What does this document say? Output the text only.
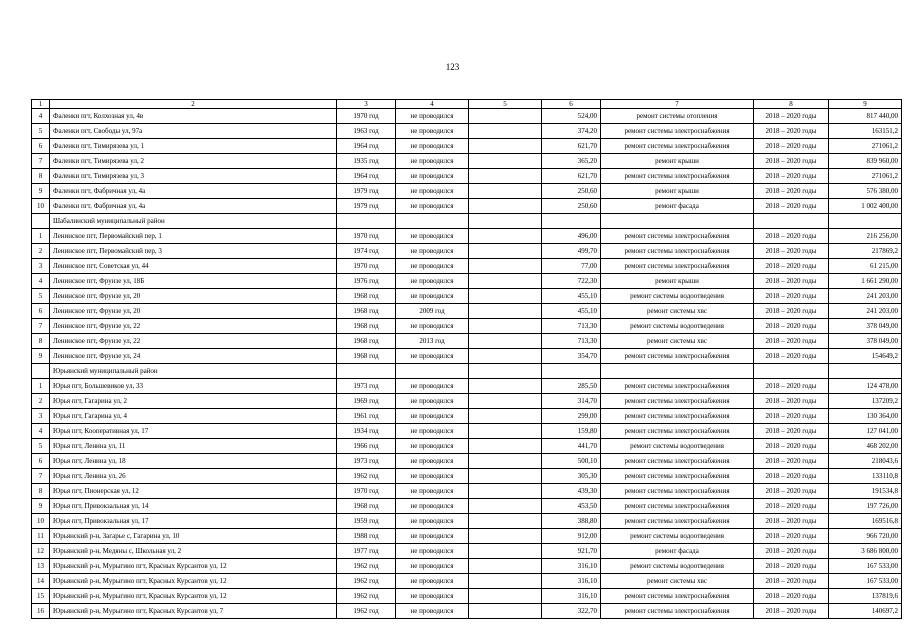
123
1	2	3	4	5	6	7	8	9
4	Фаленки пгт, Колхозная ул, 4в	1970 год	не проводился		524,00	ремонт системы отопления	2018 – 2020 годы	817 440,00
5	Фаленки пгт, Свободы ул, 97а	1963 год	не проводился		374,20	ремонт системы электроснабжения	2018 – 2020 годы	163151,2
6	Фаленки пгт, Тимирязева ул, 1	1964 год	не проводился		621,70	ремонт системы электроснабжения	2018 – 2020 годы	271061,2
7	Фаленки пгт, Тимирязева ул, 2	1935 год	не проводился		365,20	ремонт крыши	2018 – 2020 годы	839 960,00
8	Фаленки пгт, Тимирязева ул, 3	1964 год	не проводился		621,70	ремонт системы электроснабжения	2018 – 2020 годы	271061,2
9	Фаленки пгт, Фабричная ул, 4а	1979 год	не проводился		250,60	ремонт крыши	2018 – 2020 годы	576 380,00
10	Фаленки пгт, Фабричная ул, 4а	1979 год	не проводился		250,60	ремонт фасада	2018 – 2020 годы	1 002 400,00
	Шабалинский муниципальный район							
1	Ленинское пгт, Первомайский пер, 1	1970 год	не проводился		496,00	ремонт системы электроснабжения	2018 – 2020 годы	216 256,00
2	Ленинское пгт, Первомайский пер, 3	1974 год	не проводился		499,70	ремонт системы электроснабжения	2018 – 2020 годы	217869,2
3	Ленинское пгт, Советская ул, 44	1970 год	не проводился		77,00	ремонт системы электроснабжения	2018 – 2020 годы	61 215,00
4	Ленинское пгт, Фрунзе ул, 18Б	1976 год	не проводился		722,30	ремонт крыши	2018 – 2020 годы	1 661 290,00
5	Ленинское пгт, Фрунзе ул, 20	1968 год	не проводился		455,10	ремонт системы водоотведения	2018 – 2020 годы	241 203,00
6	Ленинское пгт, Фрунзе ул, 20	1968 год	2009 год		455,10	ремонт системы хвс	2018 – 2020 годы	241 203,00
7	Ленинское пгт, Фрунзе ул, 22	1968 год	не проводился		713,30	ремонт системы водоотведения	2018 – 2020 годы	378 049,00
8	Ленинское пгт, Фрунзе ул, 22	1968 год	2013 год		713,30	ремонт системы хвс	2018 – 2020 годы	378 049,00
9	Ленинское пгт, Фрунзе ул, 24	1968 год	не проводился		354,70	ремонт системы электроснабжения	2018 – 2020 годы	154649,2
	Юрьянский муниципальный район							
1	Юрья пгт, Большевиков ул, 33	1973 год	не проводился		285,50	ремонт системы электроснабжения	2018 – 2020 годы	124 478,00
2	Юрья пгт, Гагарина ул, 2	1969 год	не проводился		314,70	ремонт системы электроснабжения	2018 – 2020 годы	137209,2
3	Юрья пгт, Гагарина ул, 4	1961 год	не проводился		299,00	ремонт системы электроснабжения	2018 – 2020 годы	130 364,00
4	Юрья пгт, Кооперативная ул, 17	1934 год	не проводился		159,80	ремонт системы электроснабжения	2018 – 2020 годы	127 041,00
5	Юрья пгт, Ленина ул, 11	1966 год	не проводился		441,70	ремонт системы водоотведения	2018 – 2020 годы	468 202,00
6	Юрья пгт, Ленина ул, 18	1973 год	не проводился		500,10	ремонт системы электроснабжения	2018 – 2020 годы	218043,6
7	Юрья пгт, Ленина ул, 26	1962 год	не проводился		305,30	ремонт системы электроснабжения	2018 – 2020 годы	133110,8
8	Юрья пгт, Пионерская ул, 12	1970 год	не проводился		439,30	ремонт системы электроснабжения	2018 – 2020 годы	191534,8
9	Юрья пгт, Привокзальная ул, 14	1968 год	не проводился		453,50	ремонт системы электроснабжения	2018 – 2020 годы	197 726,00
10	Юрья пгт, Привокзальная ул, 17	1959 год	не проводился		388,80	ремонт системы электроснабжения	2018 – 2020 годы	169516,8
11	Юрьянский р-н, Загарье с, Гагарина ул, 10	1988 год	не проводился		912,00	ремонт системы водоотведения	2018 – 2020 годы	966 720,00
12	Юрьянский р-н, Медяны с, Школьная ул, 2	1977 год	не проводился		921,70	ремонт фасада	2018 – 2020 годы	3 686 800,00
13	Юрьянский р-н, Мурыгино пгт, Красных Курсантов ул, 12	1962 год	не проводился		316,10	ремонт системы водоотведения	2018 – 2020 годы	167 533,00
14	Юрьянский р-н, Мурыгино пгт, Красных Курсантов ул, 12	1962 год	не проводился		316,10	ремонт системы хвс	2018 – 2020 годы	167 533,00
15	Юрьянский р-н, Мурыгино пгт, Красных Курсантов ул, 12	1962 год	не проводился		316,10	ремонт системы электроснабжения	2018 – 2020 годы	137819,6
16	Юрьянский р-н, Мурыгино пгт, Красных Курсантов ул, 7	1962 год	не проводился		322,70	ремонт системы электроснабжения	2018 – 2020 годы	140697,2
